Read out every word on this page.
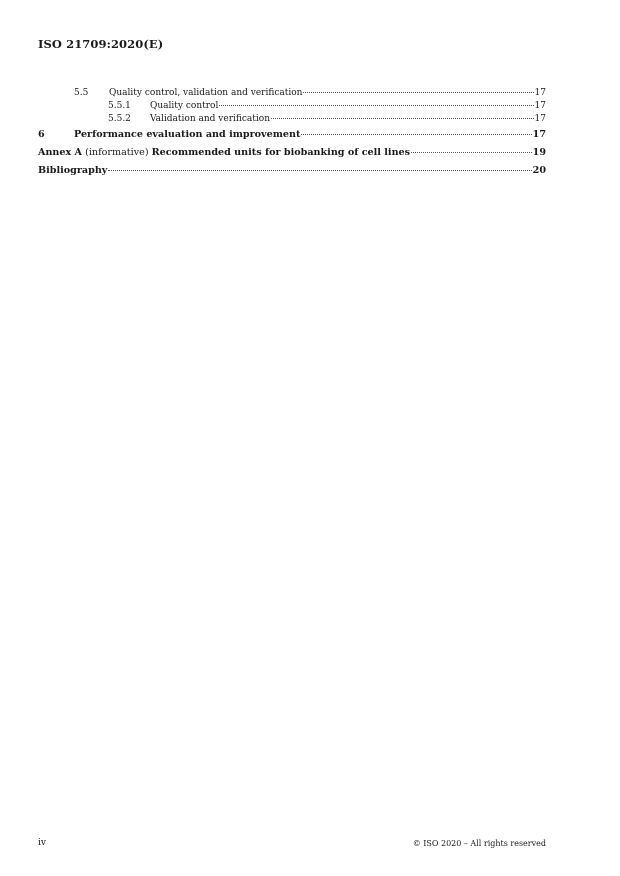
ISO 21709:2020(E)
5.5	Quality control, validation and verification	17
5.5.1	Quality control	17
5.5.2	Validation and verification	17
6	Performance evaluation and improvement	17
Annex A (informative) Recommended units for biobanking of cell lines	19
Bibliography	20
iv	© ISO 2020 – All rights reserved
